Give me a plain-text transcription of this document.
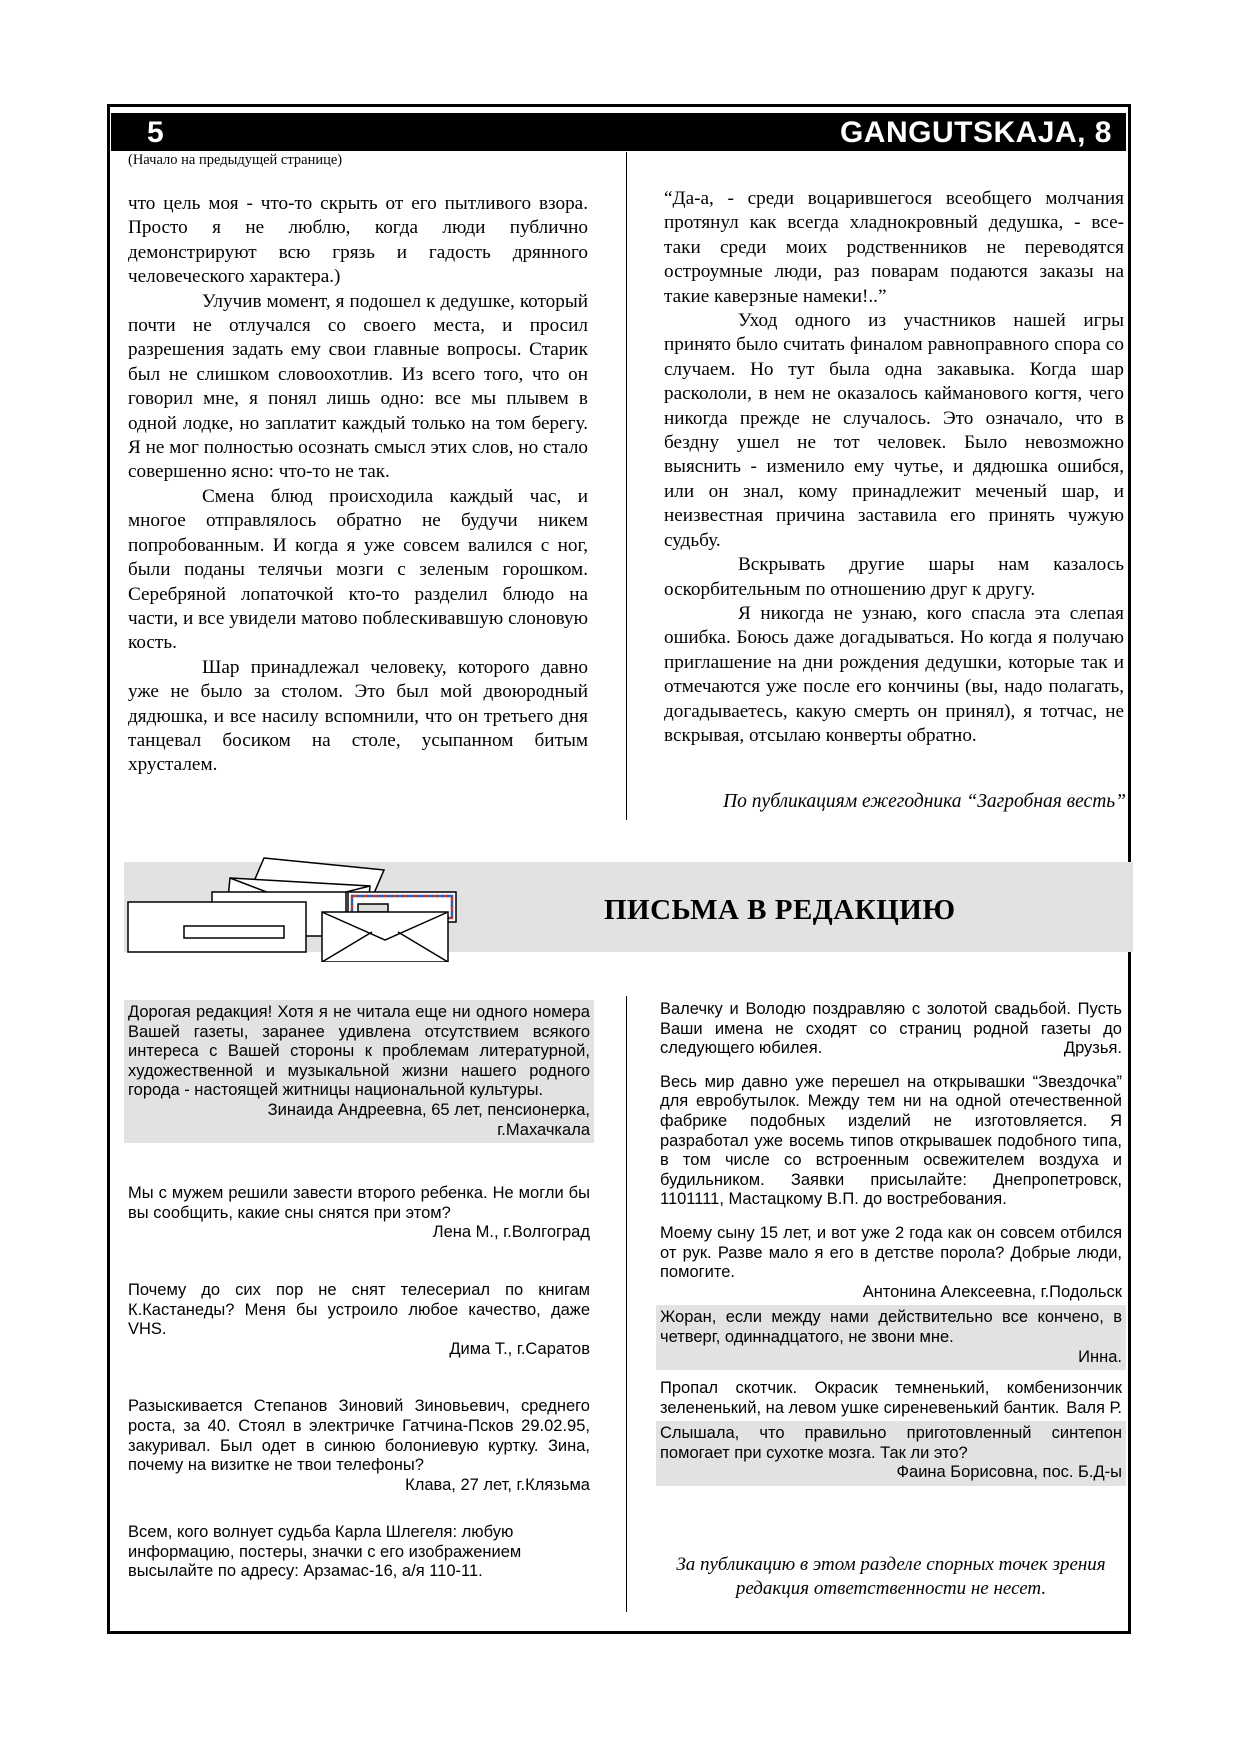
5	GANGUTSKAJA, 8
(Начало на предыдущей странице)

что цель моя - что-то скрыть от его пытливого взора. Просто я не люблю, когда люди публично демонстрируют всю грязь и гадость дрянного человеческого характера.)

Улучив момент, я подошел к дедушке, который почти не отлучался со своего места, и просил разрешения задать ему свои главные вопросы. Старик был не слишком словоохотлив. Из всего того, что он говорил мне, я понял лишь одно: все мы плывем в одной лодке, но заплатит каждый только на том берегу. Я не мог полностью осознать смысл этих слов, но стало совершенно ясно: что-то не так.

Смена блюд происходила каждый час, и многое отправлялось обратно не будучи никем попробованным. И когда я уже совсем валился с ног, были поданы телячьи мозги с зеленым горошком. Серебряной лопаточкой кто-то разделил блюдо на части, и все увидели матово поблескивавшую слоновую кость.

Шар принадлежал человеку, которого давно уже не было за столом. Это был мой двоюродный дядюшка, и все насилу вспомнили, что он третьего дня танцевал босиком на столе, усыпанном битым хрусталем.

“Да-а, - среди воцарившегося всеобщего молчания протянул как всегда хладнокровный дедушка, - все-таки среди моих родственников не переводятся остроумные люди, раз поварам подаются заказы на такие каверзные намеки!..”

Уход одного из участников нашей игры принято было считать финалом равноправного спора со случаем. Но тут была одна закавыка. Когда шар раскололи, в нем не оказалось кайманового когтя, чего никогда прежде не случалось. Это означало, что в бездну ушел не тот человек. Было невозможно выяснить - изменило ему чутье, и дядюшка ошибся, или он знал, кому принадлежит меченый шар, и неизвестная причина заставила его принять чужую судьбу.

Вскрывать другие шары нам казалось оскорбительным по отношению друг к другу.

Я никогда не узнаю, кого спасла эта слепая ошибка. Боюсь даже догадываться. Но когда я получаю приглашение на дни рождения дедушки, которые так и отмечаются уже после его кончины (вы, надо полагать, догадываетесь, какую смерть он принял), я тотчас, не вскрывая, отсылаю конверты обратно.

По публикациям ежегодника “Загробная весть”
ПИСЬМА В РЕДАКЦИЮ
Дорогая редакция! Хотя я не читала еще ни одного номера Вашей газеты, заранее удивлена отсутствием всякого интереса с Вашей стороны к проблемам литературной, художественной и музыкальной жизни нашего родного города - настоящей житницы национальной культуры.
Зинаида Андреевна, 65 лет, пенсионерка,
г.Махачкала
Мы с мужем решили завести второго ребенка. Не могли бы вы сообщить, какие сны снятся при этом?
Лена М., г.Волгоград
Почему до сих пор не снят телесериал по книгам К.Кастанеды? Меня бы устроило любое качество, даже VHS.
Дима Т., г.Саратов
Разыскивается Степанов Зиновий Зиновьевич, среднего роста, за 40. Стоял в электричке Гатчина-Псков 29.02.95, закуривал. Был одет в синюю болониевую куртку. Зина, почему на визитке не твои телефоны?
Клава, 27 лет, г.Клязьма
Всем, кого волнует судьба Карла Шлегеля: любую информацию, постеры, значки с его изображением высылайте по адресу: Арзамас-16, а/я 110-11.
Валечку и Володю поздравляю с золотой свадьбой. Пусть Ваши имена не сходят со страниц родной газеты до следующего юбилея.	Друзья.
Весь мир давно уже перешел на открывашки “Звездочка” для евробутылок. Между тем ни на одной отечественной фабрике подобных изделий не изготовляется. Я разработал уже восемь типов открывашек подобного типа, в том числе со встроенным освежителем воздуха и будильником. Заявки присылайте: Днепропетровск, 1101111, Мастацкому В.П. до востребования.
Моему сыну 15 лет, и вот уже 2 года как он совсем отбился от рук. Разве мало я его в детстве порола? Добрые люди, помогите.
Антонина Алексеевна, г.Подольск
Жоран, если между нами действительно все кончено, в четверг, одиннадцатого, не звони мне.
Инна.
Пропал скотчик. Окрасик темненький, комбенизончик зелененький, на левом ушке сиреневенький бантик. Валя Р.
Слышала, что правильно приготовленный синтепон помогает при сухотке мозга. Так ли это?
Фаина Борисовна, пос. Б.Д-ы
За публикацию в этом разделе спорных точек зрения редакция ответственности не несет.
